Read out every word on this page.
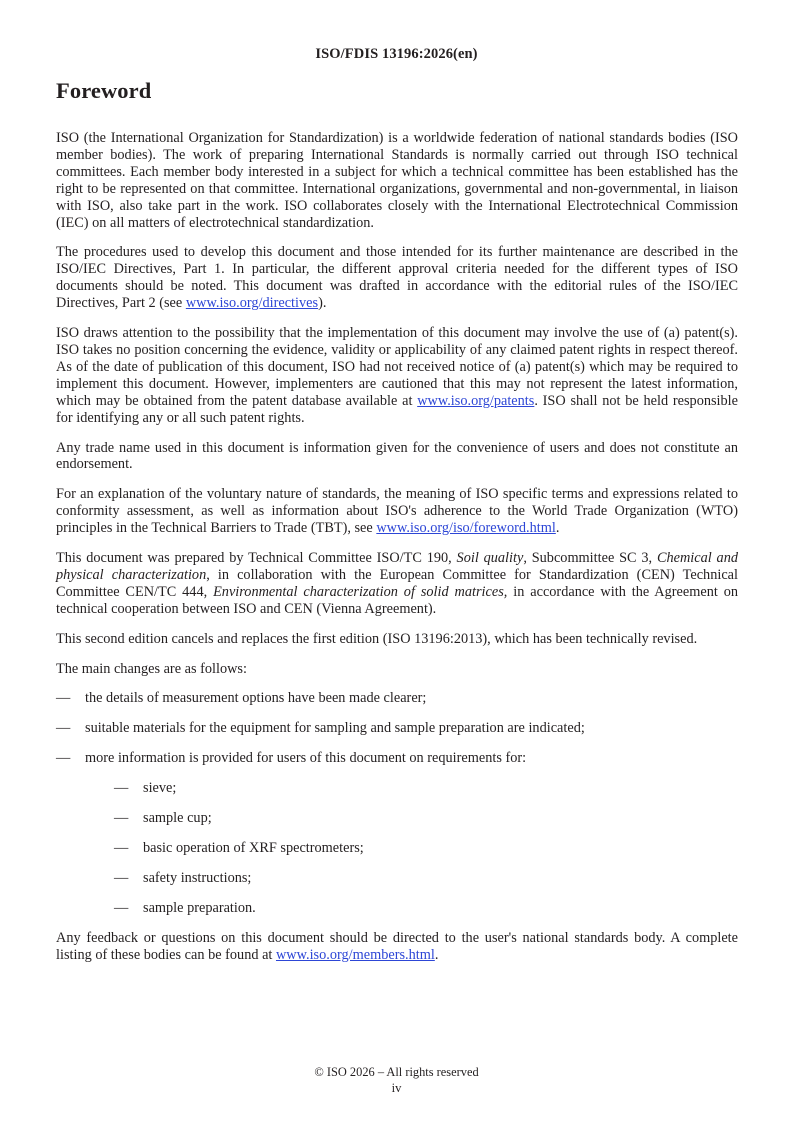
ISO/FDIS 13196:2026(en)
Foreword

ISO (the International Organization for Standardization) is a worldwide federation of national standards bodies (ISO member bodies). The work of preparing International Standards is normally carried out through ISO technical committees. Each member body interested in a subject for which a technical committee has been established has the right to be represented on that committee. International organizations, governmental and non-governmental, in liaison with ISO, also take part in the work. ISO collaborates closely with the International Electrotechnical Commission (IEC) on all matters of electrotechnical standardization.

The procedures used to develop this document and those intended for its further maintenance are described in the ISO/IEC Directives, Part 1. In particular, the different approval criteria needed for the different types of ISO documents should be noted. This document was drafted in accordance with the editorial rules of the ISO/IEC Directives, Part 2 (see www.iso.org/directives).

ISO draws attention to the possibility that the implementation of this document may involve the use of (a) patent(s). ISO takes no position concerning the evidence, validity or applicability of any claimed patent rights in respect thereof. As of the date of publication of this document, ISO had not received notice of (a) patent(s) which may be required to implement this document. However, implementers are cautioned that this may not represent the latest information, which may be obtained from the patent database available at www.iso.org/patents. ISO shall not be held responsible for identifying any or all such patent rights.

Any trade name used in this document is information given for the convenience of users and does not constitute an endorsement.

For an explanation of the voluntary nature of standards, the meaning of ISO specific terms and expressions related to conformity assessment, as well as information about ISO's adherence to the World Trade Organization (WTO) principles in the Technical Barriers to Trade (TBT), see www.iso.org/iso/foreword.html.

This document was prepared by Technical Committee ISO/TC 190, Soil quality, Subcommittee SC 3, Chemical and physical characterization, in collaboration with the European Committee for Standardization (CEN) Technical Committee CEN/TC 444, Environmental characterization of solid matrices, in accordance with the Agreement on technical cooperation between ISO and CEN (Vienna Agreement).

This second edition cancels and replaces the first edition (ISO 13196:2013), which has been technically revised.

The main changes are as follows:

— the details of measurement options have been made clearer;
— suitable materials for the equipment for sampling and sample preparation are indicated;
— more information is provided for users of this document on requirements for:
— sieve;
— sample cup;
— basic operation of XRF spectrometers;
— safety instructions;
— sample preparation.

Any feedback or questions on this document should be directed to the user's national standards body. A complete listing of these bodies can be found at www.iso.org/members.html.

© ISO 2026 – All rights reserved
iv
